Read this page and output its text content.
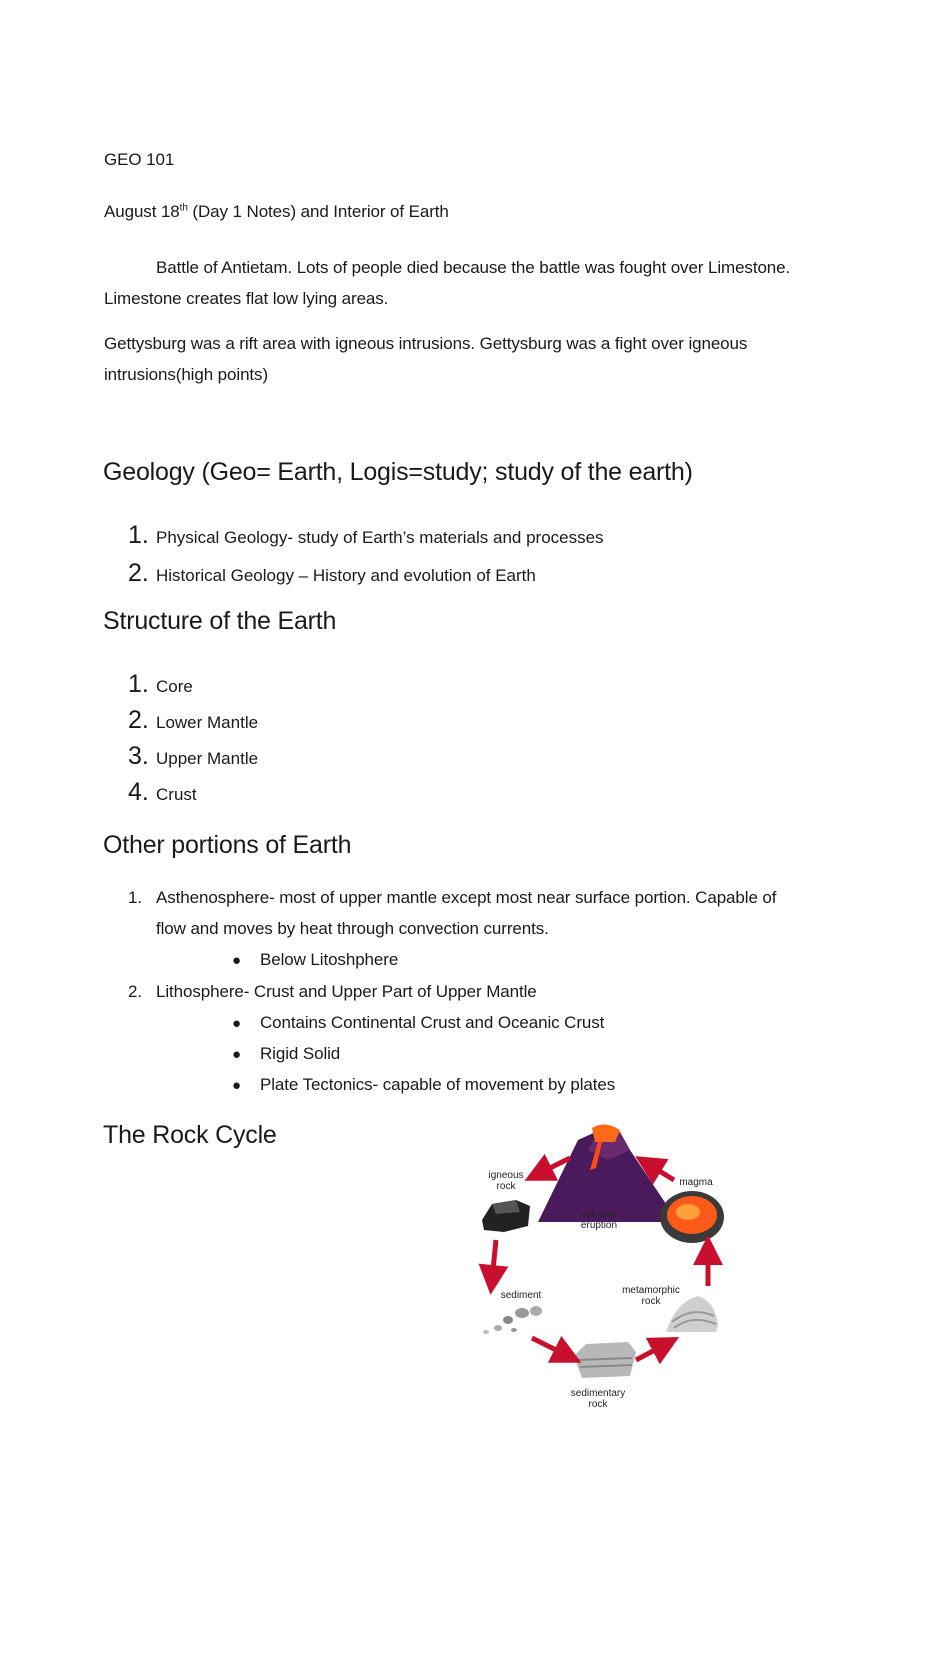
GEO 101
August 18th (Day 1 Notes) and Interior of Earth
Battle of Antietam. Lots of people died because the battle was fought over Limestone.
Limestone creates flat low lying areas.
Gettysburg was a rift area with igneous intrusions. Gettysburg was a fight over igneous
intrusions(high points)
Geology (Geo= Earth, Logis=study; study of the earth)
1. Physical Geology- study of Earth’s materials and processes
2. Historical Geology – History and evolution of Earth
Structure of the Earth
1. Core
2. Lower Mantle
3. Upper Mantle
4. Crust
Other portions of Earth
1. Asthenosphere- most of upper mantle except most near surface portion. Capable of
flow and moves by heat through convection currents.
●	Below Litoshphere
2. Lithosphere- Crust and Upper Part of Upper Mantle
●	Contains Continental Crust and Oceanic Crust
●	Rigid Solid
●	Plate Tectonics- capable of movement by plates
The Rock Cycle
igneous rock	magma
volcanic eruption
sediment	metamorphic rock
sedimentary rock
